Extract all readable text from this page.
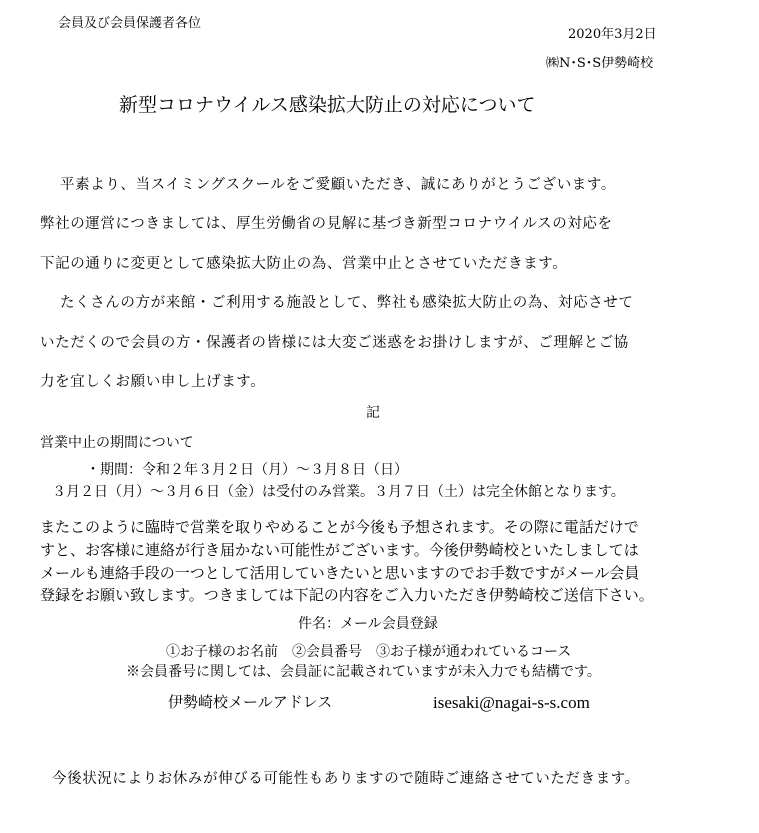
会員及び会員保護者各位
2020年3月2日
㈱N･S･S伊勢崎校
新型コロナウイルス感染拡大防止の対応について
平素より、当スイミングスクールをご愛顧いただき、誠にありがとうございます。
弊社の運営につきましては、厚生労働省の見解に基づき新型コロナウイルスの対応を
下記の通りに変更として感染拡大防止の為、営業中止とさせていただきます。
たくさんの方が来館・ご利用する施設として、弊社も感染拡大防止の為、対応させて
いただくので会員の方・保護者の皆様には大変ご迷惑をお掛けしますが、ご理解とご協
力を宜しくお願い申し上げます。
記
営業中止の期間について
・期間：令和２年３月２日（月）～３月８日（日）
３月２日（月）～３月６日（金）は受付のみ営業。３月７日（土）は完全休館となります。
またこのように臨時で営業を取りやめることが今後も予想されます。その際に電話だけで
すと、お客様に連絡が行き届かない可能性がございます。今後伊勢崎校といたしましては
メールも連絡手段の一つとして活用していきたいと思いますのでお手数ですがメール会員
登録をお願い致します。つきましては下記の内容をご入力いただき伊勢崎校ご送信下さい。
件名：メール会員登録
①お子様のお名前　②会員番号　③お子様が通われているコース
※会員番号に関しては、会員証に記載されていますが未入力でも結構です。
伊勢崎校メールアドレス	isesaki@nagai-s-s.com
今後状況によりお休みが伸びる可能性もありますので随時ご連絡させていただきます。
